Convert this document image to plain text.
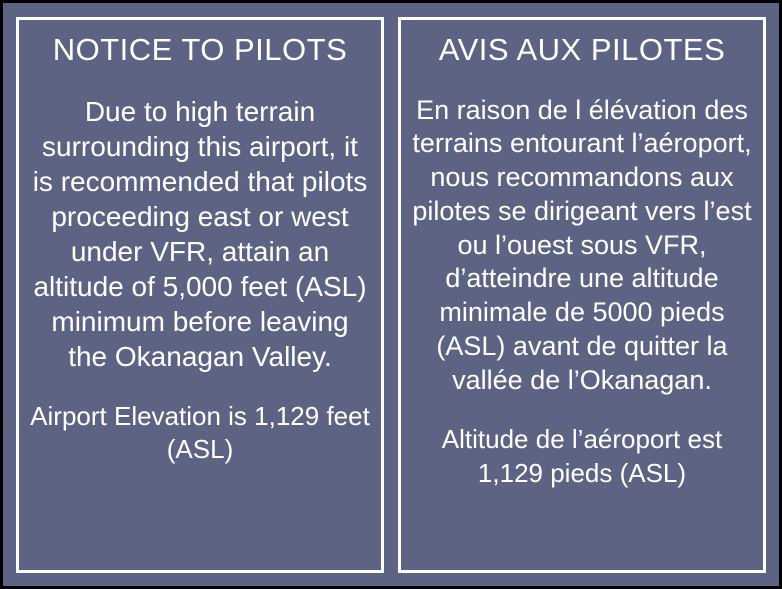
NOTICE TO PILOTS
Due to high terrain surrounding this airport, it is recommended that pilots proceeding east or west under VFR, attain an altitude of 5,000 feet (ASL) minimum before leaving the Okanagan Valley.
Airport Elevation is 1,129 feet (ASL)
AVIS AUX PILOTES
En raison de l élévation des terrains entourant l’aéroport, nous recommandons aux pilotes se dirigeant vers l’est ou l’ouest sous VFR, d’atteindre une altitude minimale de 5000 pieds (ASL) avant de quitter la vallée de l’Okanagan.
Altitude de l’aéroport est 1,129 pieds (ASL)
